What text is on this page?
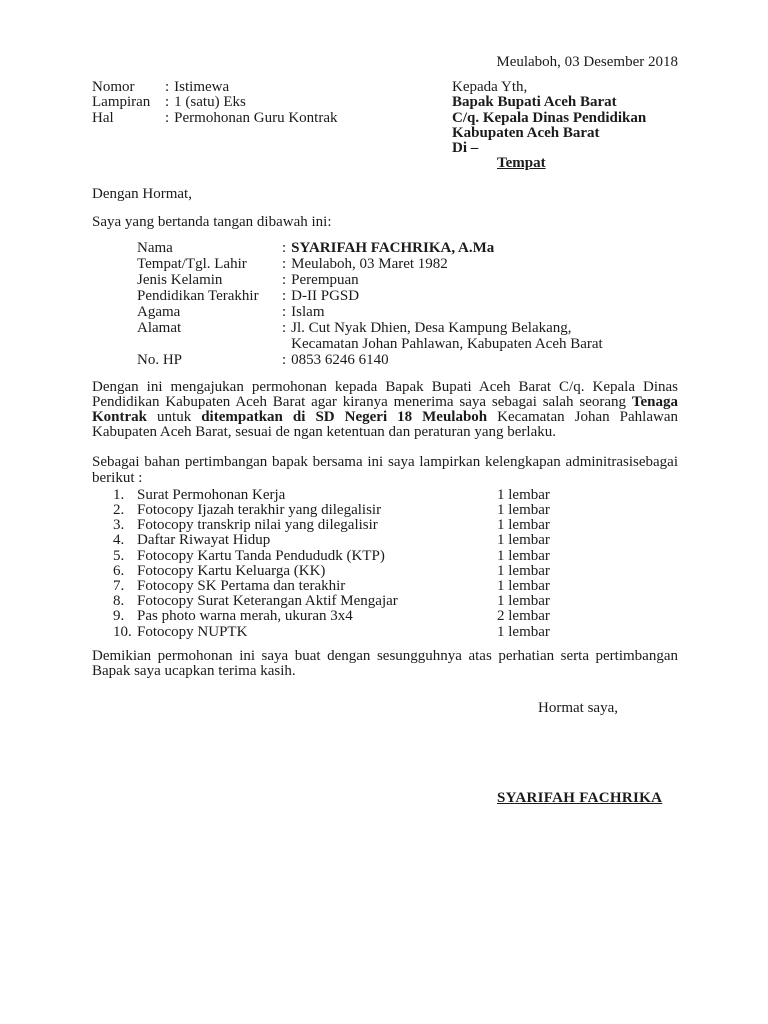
Meulaboh, 03 Desember 2018
Nomor	: Istimewa
Lampiran : 1 (satu) Eks
Hal	: Permohonan Guru Kontrak
Kepada Yth,
Bapak Bupati Aceh Barat
C/q. Kepala Dinas Pendidikan
Kabupaten Aceh Barat
Di –
Tempat
Dengan Hormat,
Saya yang bertanda tangan dibawah ini:
Nama	: SYARIFAH FACHRIKA, A.Ma
Tempat/Tgl. Lahir	: Meulaboh, 03 Maret 1982
Jenis Kelamin	: Perempuan
Pendidikan Terakhir	: D-II PGSD
Agama	: Islam
Alamat	: Jl. Cut Nyak Dhien, Desa Kampung Belakang,
Kecamatan Johan Pahlawan, Kabupaten Aceh Barat
No. HP	: 0853 6246 6140
Dengan ini mengajukan permohonan kepada Bapak Bupati Aceh Barat C/q. Kepala Dinas Pendidikan Kabupaten Aceh Barat agar kiranya menerima saya sebagai salah seorang Tenaga Kontrak untuk ditempatkan di SD Negeri 18 Meulaboh Kecamatan Johan Pahlawan Kabupaten Aceh Barat, sesuai de ngan ketentuan dan peraturan yang berlaku.
Sebagai bahan pertimbangan bapak bersama ini saya lampirkan kelengkapan adminitrasisebagai berikut :
1. Surat Permohonan Kerja	1 lembar
2. Fotocopy Ijazah terakhir yang dilegalisir	1 lembar
3. Fotocopy transkrip nilai yang dilegalisir	1 lembar
4. Daftar Riwayat Hidup	1 lembar
5. Fotocopy Kartu Tanda Pendududk (KTP)	1 lembar
6. Fotocopy Kartu Keluarga (KK)	1 lembar
7. Fotocopy SK Pertama dan terakhir	1 lembar
8. Fotocopy Surat Keterangan Aktif Mengajar	1 lembar
9. Pas photo warna merah, ukuran 3x4	2 lembar
10. Fotocopy NUPTK	1 lembar
Demikian permohonan ini saya buat dengan sesungguhnya atas perhatian serta pertimbangan Bapak saya ucapkan terima kasih.
Hormat saya,
SYARIFAH FACHRIKA
